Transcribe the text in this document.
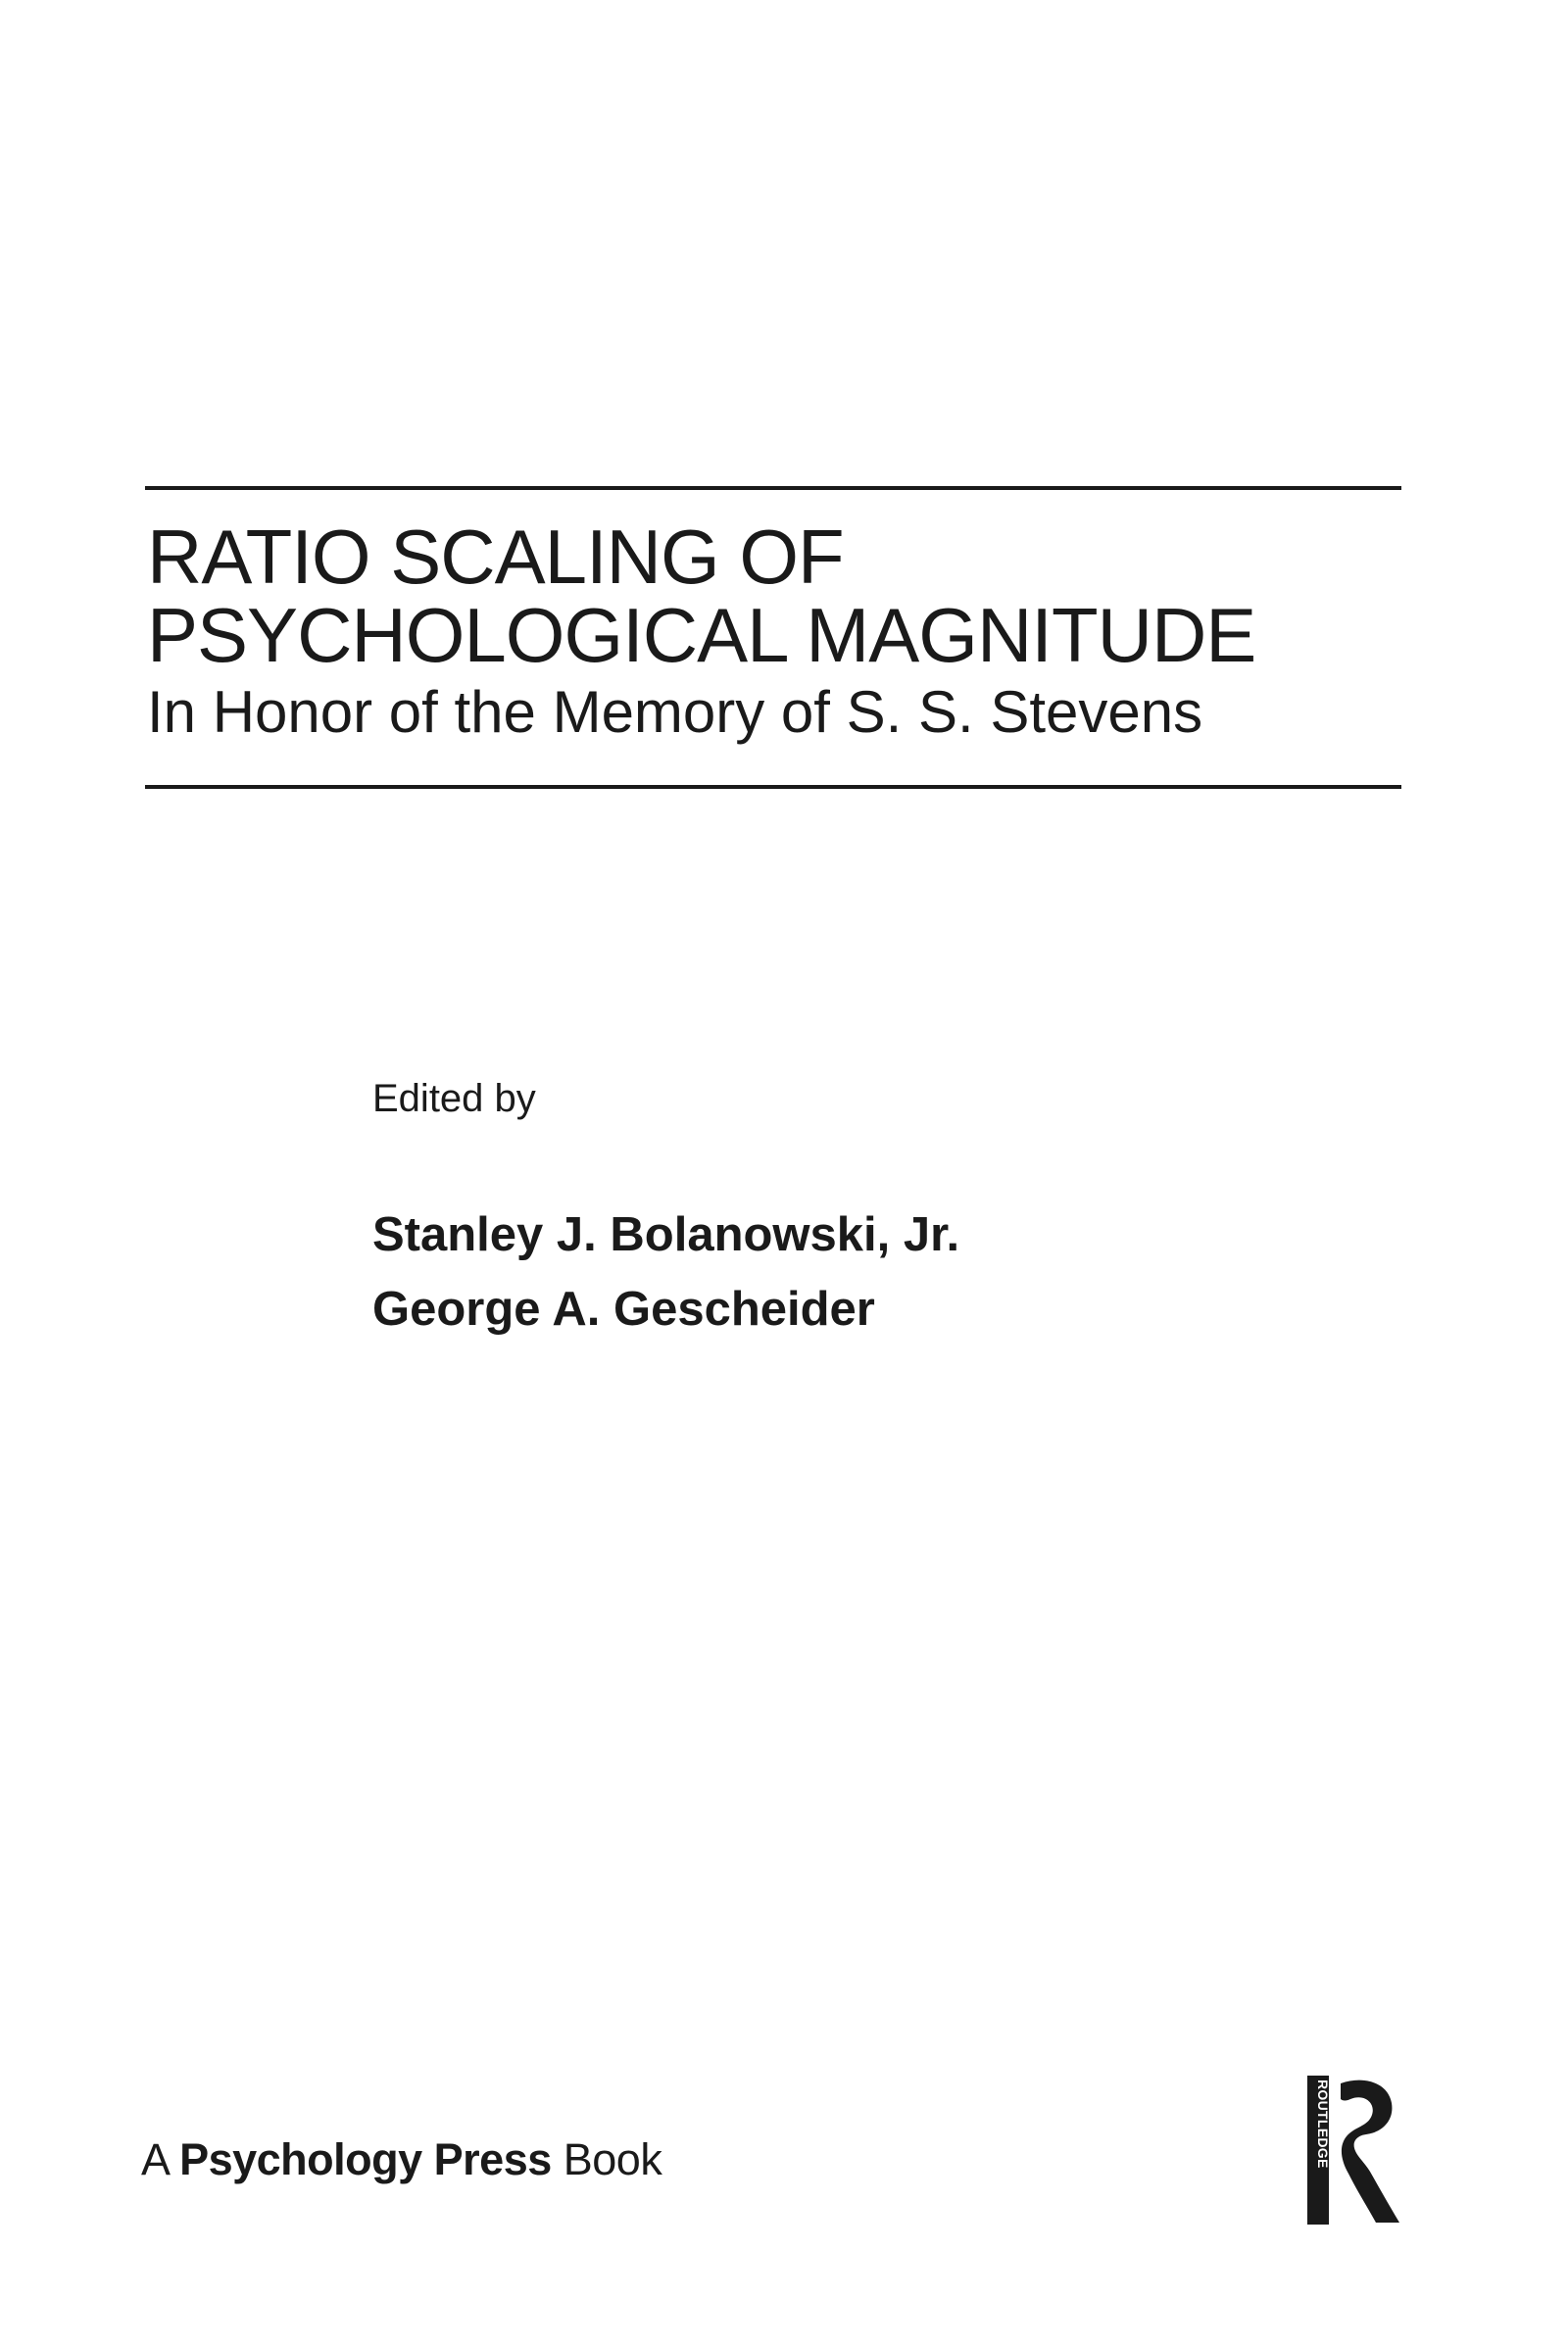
RATIO SCALING OF
PSYCHOLOGICAL MAGNITUDE

In Honor of the Memory of S. S. Stevens

Edited by
Stanley J. Bolanowski, Jr.
George A. Gescheider
A Psychology Press Book	ROUTLEDGE
